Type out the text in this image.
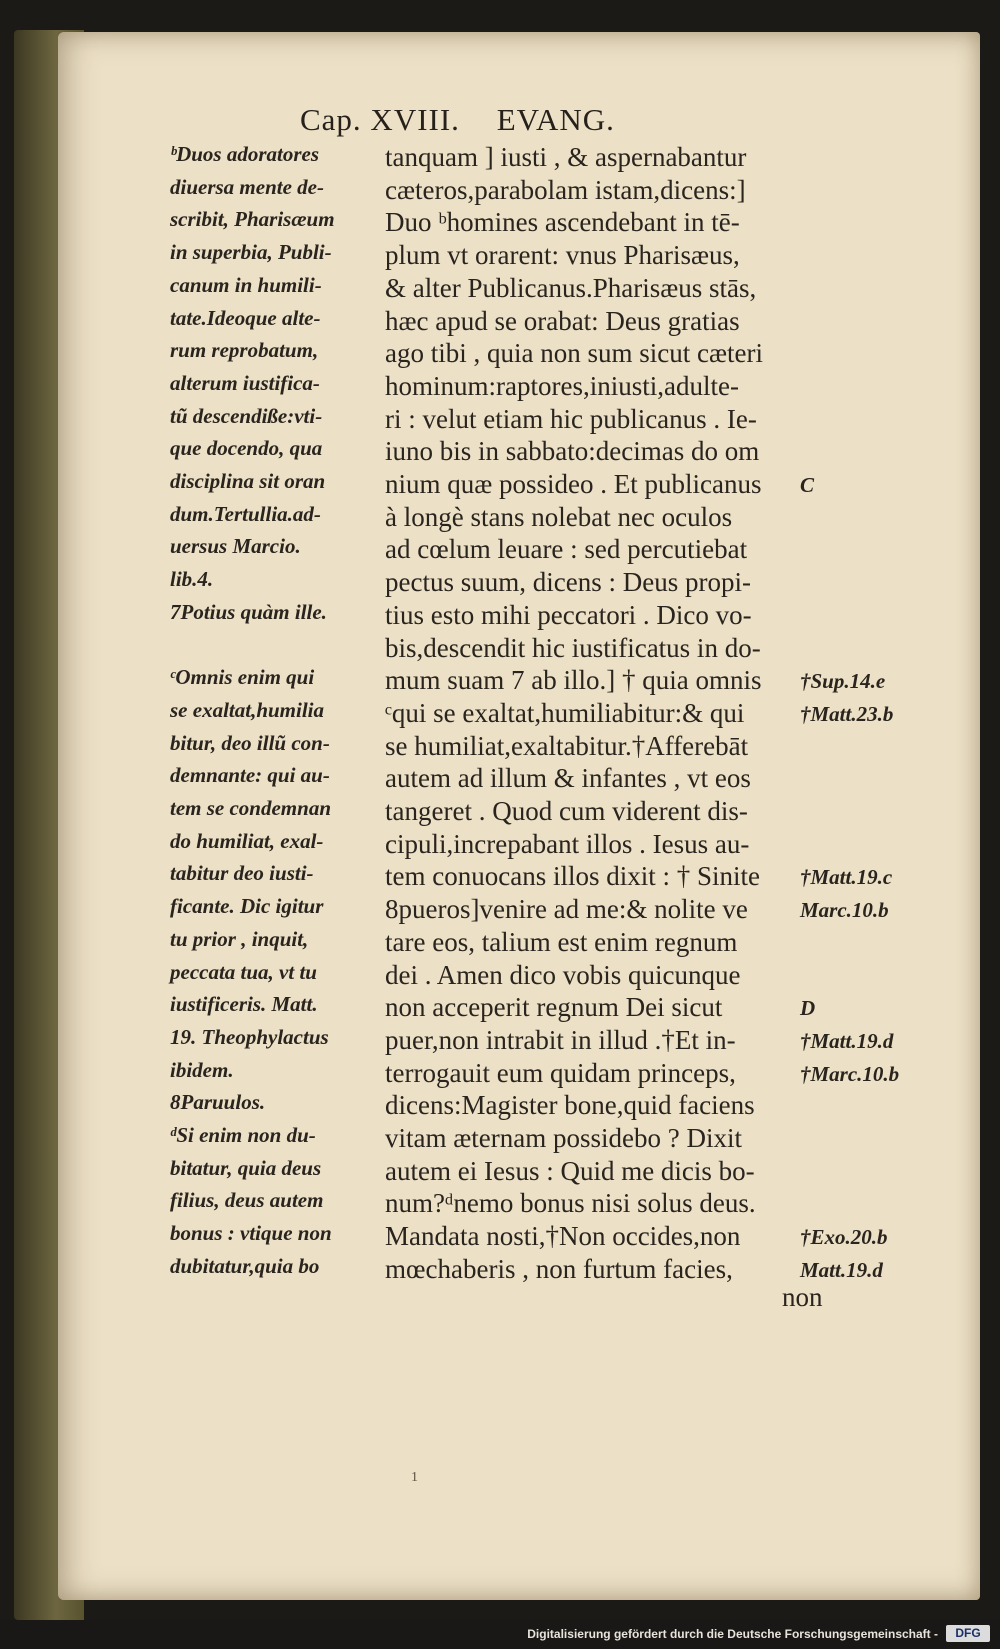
Cap. XVIII. EVANG.
ᵇDuos adoratores
diuersa mente de-
scribit, Pharisæum
in superbia, Publi-
canum in humili-
tate.Ideoque alte-
rum reprobatum,
alterum iustifica-
tũ descendiße:vti-
que docendo, qua
disciplina sit oran
dum.Tertullia.ad-
uersus Marcio.
lib.4.
7Potius quàm ille.
ᶜOmnis enim qui
se exaltat,humilia
bitur, deo illũ con-
demnante: qui au-
tem se condemnan
do humiliat, exal-
tabitur deo iusti-
ficante. Dic igitur
tu prior , inquit,
peccata tua, vt tu
iustificeris. Matt.
19. Theophylactus
ibidem.
8Paruulos.
ᵈSi enim non du-
bitatur, quia deus
filius, deus autem
bonus : vtique non
dubitatur,quia bo
tanquam ] iusti , & aspernabantur
cæteros,parabolam istam,dicens:]
Duo ᵇhomines ascendebant in tē-
plum vt orarent: vnus Pharisæus,
& alter Publicanus.Pharisæus stās,
hæc apud se orabat: Deus gratias
ago tibi , quia non sum sicut cæteri
hominum:raptores,iniusti,adulte-
ri : velut etiam hic publicanus . Ie-
iuno bis in sabbato:decimas do om
nium quæ possideo . Et publicanus
à longè stans nolebat nec oculos
ad cœlum leuare : sed percutiebat
pectus suum, dicens : Deus propi-
tius esto mihi peccatori . Dico vo-
bis,descendit hic iustificatus in do-
mum suam 7 ab illo.] † quia omnis
ᶜqui se exaltat,humiliabitur:& qui
se humiliat,exaltabitur.†Afferebāt
autem ad illum & infantes , vt eos
tangeret . Quod cum viderent dis-
cipuli,increpabant illos . Iesus au-
tem conuocans illos dixit : † Sinite
8pueros]venire ad me:& nolite ve
tare eos, talium est enim regnum
dei . Amen dico vobis quicunque
non acceperit regnum Dei sicut
puer,non intrabit in illud .†Et in-
terrogauit eum quidam princeps,
dicens:Magister bone,quid faciens
vitam æternam possidebo ? Dixit
autem ei Iesus : Quid me dicis bo-
num?ᵈnemo bonus nisi solus deus.
Mandata nosti,†Non occides,non
mœchaberis , non furtum facies,
C
†Sup.14.e
†Matt.23.b
†Matt.19.c
Marc.10.b
D
†Matt.19.d
†Marc.10.b
†Exo.20.b
Matt.19.d
non
1
Digitalisierung gefördert durch die Deutsche Forschungsgemeinschaft -	DFG
